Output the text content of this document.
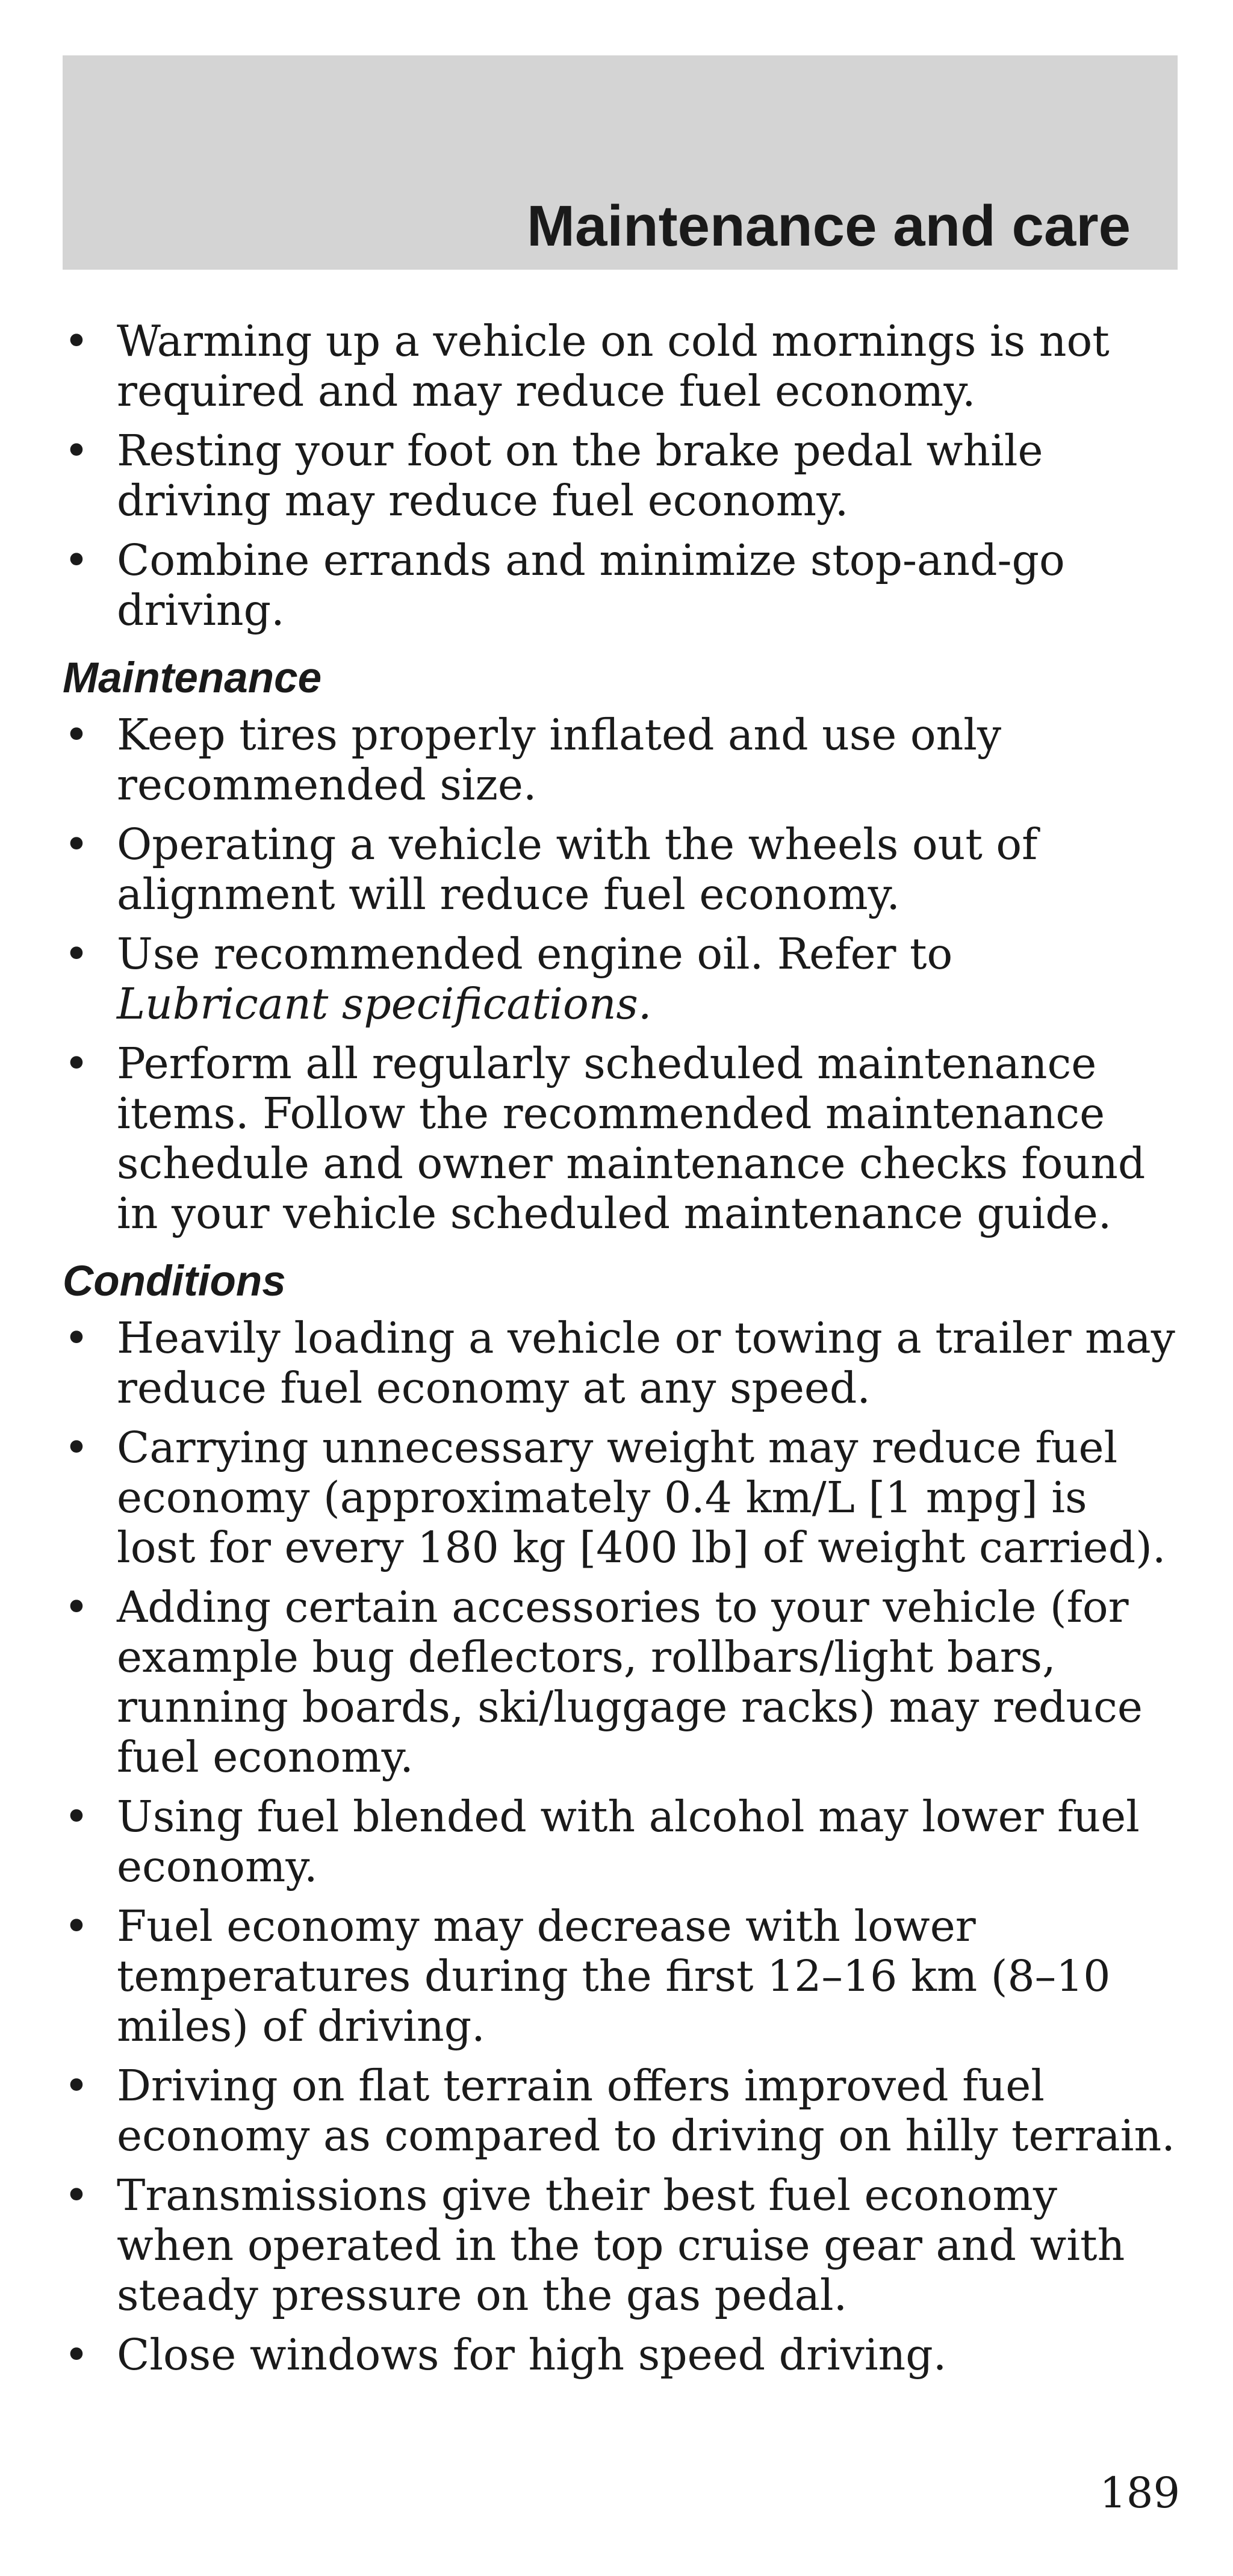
Maintenance and care
• Warming up a vehicle on cold mornings is not required and may reduce fuel economy.
• Resting your foot on the brake pedal while driving may reduce fuel economy.
• Combine errands and minimize stop-and-go driving.
Maintenance
• Keep tires properly inflated and use only recommended size.
• Operating a vehicle with the wheels out of alignment will reduce fuel economy.
• Use recommended engine oil. Refer to Lubricant specifications.
• Perform all regularly scheduled maintenance items. Follow the recommended maintenance schedule and owner maintenance checks found in your vehicle scheduled maintenance guide.
Conditions
• Heavily loading a vehicle or towing a trailer may reduce fuel economy at any speed.
• Carrying unnecessary weight may reduce fuel economy (approximately 0.4 km/L [1 mpg] is lost for every 180 kg [400 lb] of weight carried).
• Adding certain accessories to your vehicle (for example bug deflectors, rollbars/light bars, running boards, ski/luggage racks) may reduce fuel economy.
• Using fuel blended with alcohol may lower fuel economy.
• Fuel economy may decrease with lower temperatures during the first 12–16 km (8–10 miles) of driving.
• Driving on flat terrain offers improved fuel economy as compared to driving on hilly terrain.
• Transmissions give their best fuel economy when operated in the top cruise gear and with steady pressure on the gas pedal.
• Close windows for high speed driving.
189
